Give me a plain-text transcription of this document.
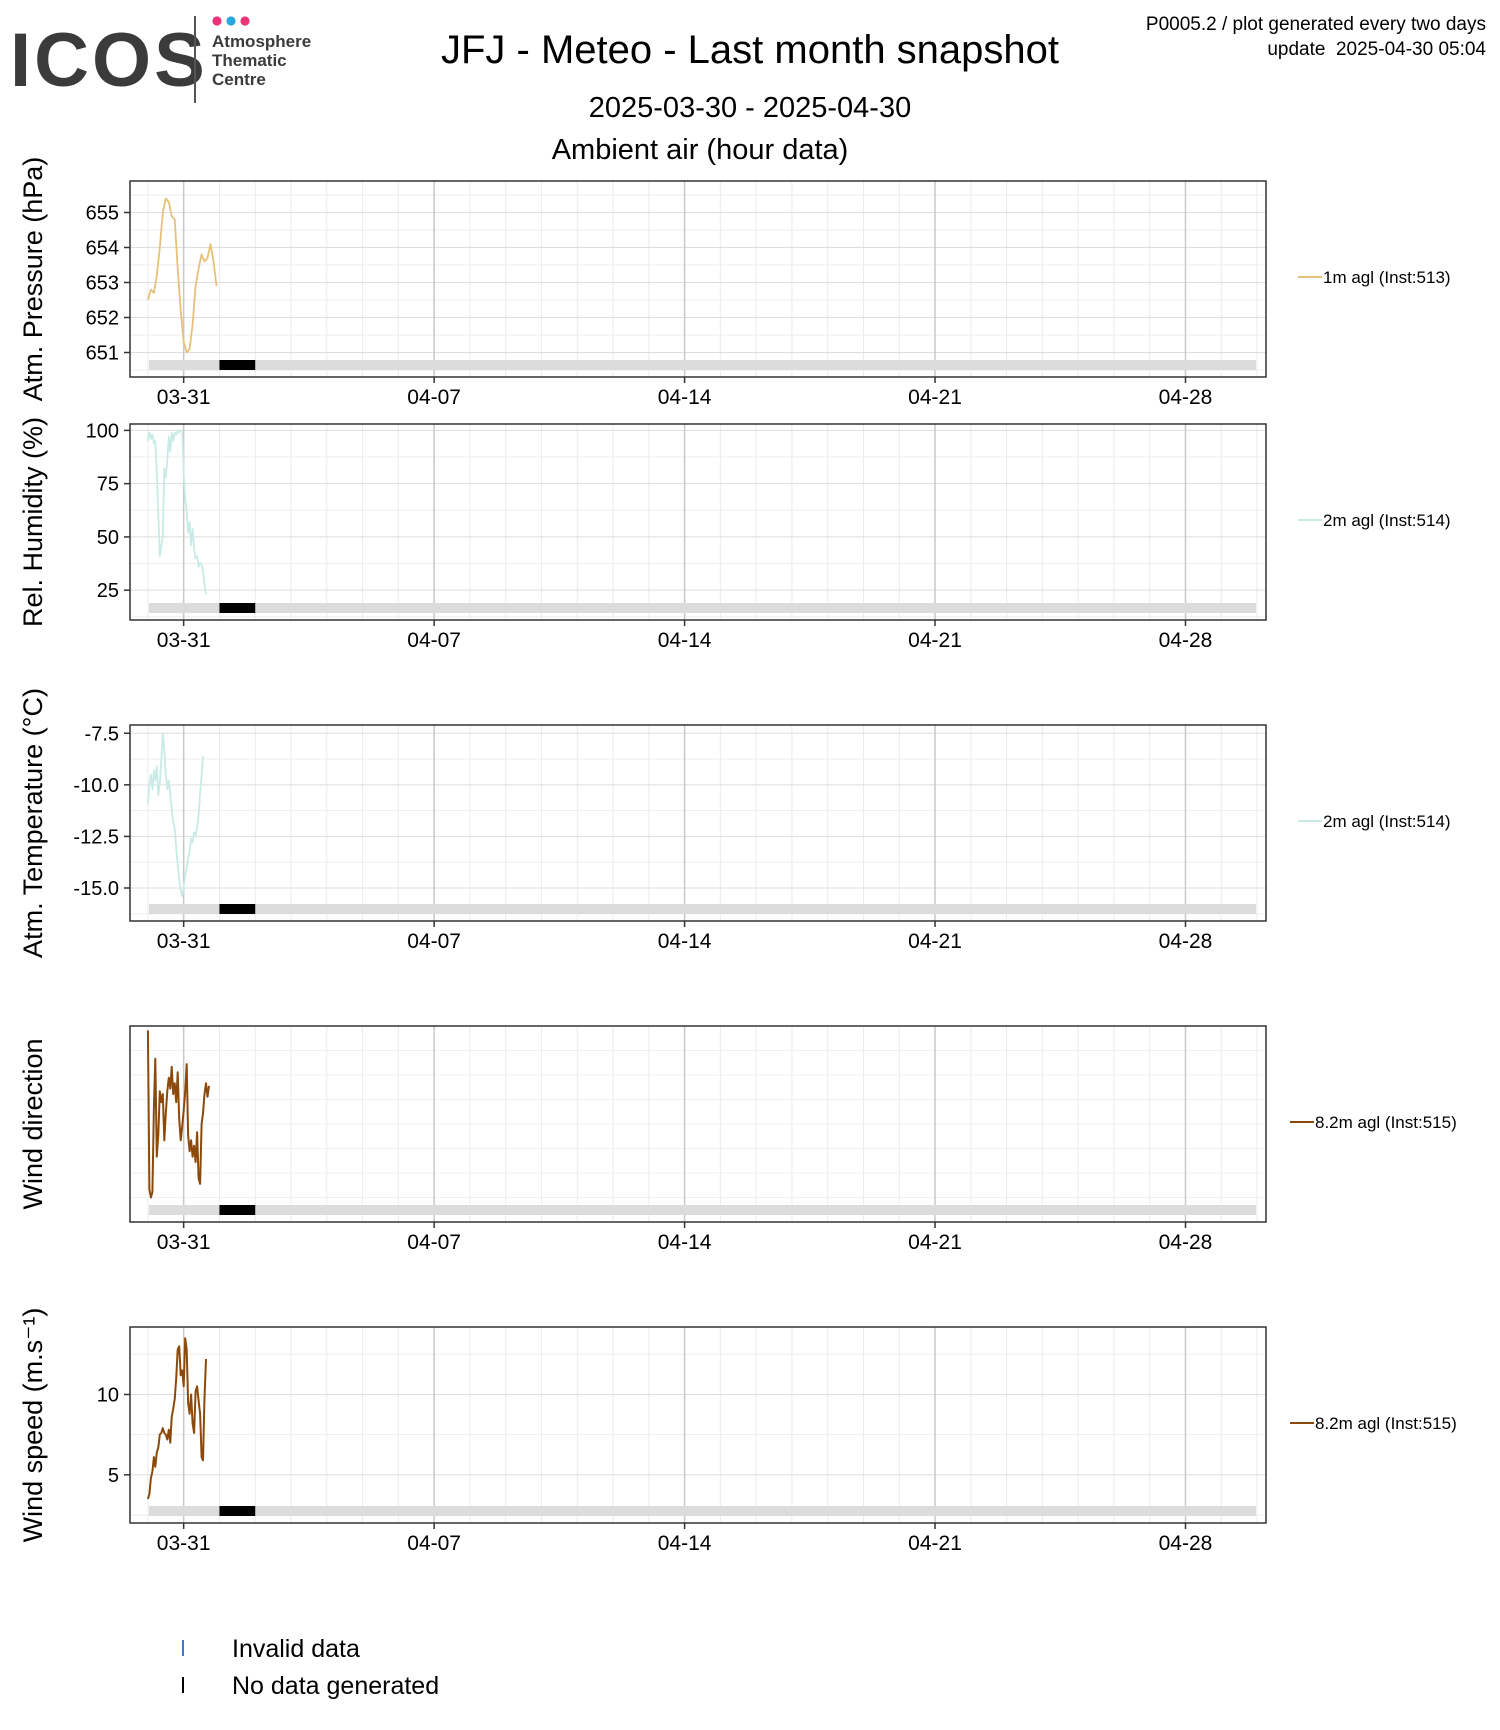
ICOS Atmosphere
Thematic
Centre
JFJ - Meteo - Last month snapshot
2025-03-30 - 2025-04-30
Ambient air (hour data)
P0005.2 / plot generated every two days
update  2025-04-30 05:04
1m agl (Inst:513)
651
652
653
654
655
03-31	04-07	04-14	04-21	04-28
Atm. Pressure (hPa)
2m agl (Inst:514)
25
50
75
100
03-31	04-07	04-14	04-21	04-28
Rel. Humidity (%)
2m agl (Inst:514)
-15.0
-12.5
-10.0
-7.5
03-31	04-07	04-14	04-21	04-28
Atm. Temperature (°C)
8.2m agl (Inst:515)
03-31	04-07	04-14	04-21	04-28
Wind direction
8.2m agl (Inst:515)
5
10
03-31	04-07	04-14	04-21	04-28
Wind speed (m.s⁻¹)
Invalid data
No data generated
